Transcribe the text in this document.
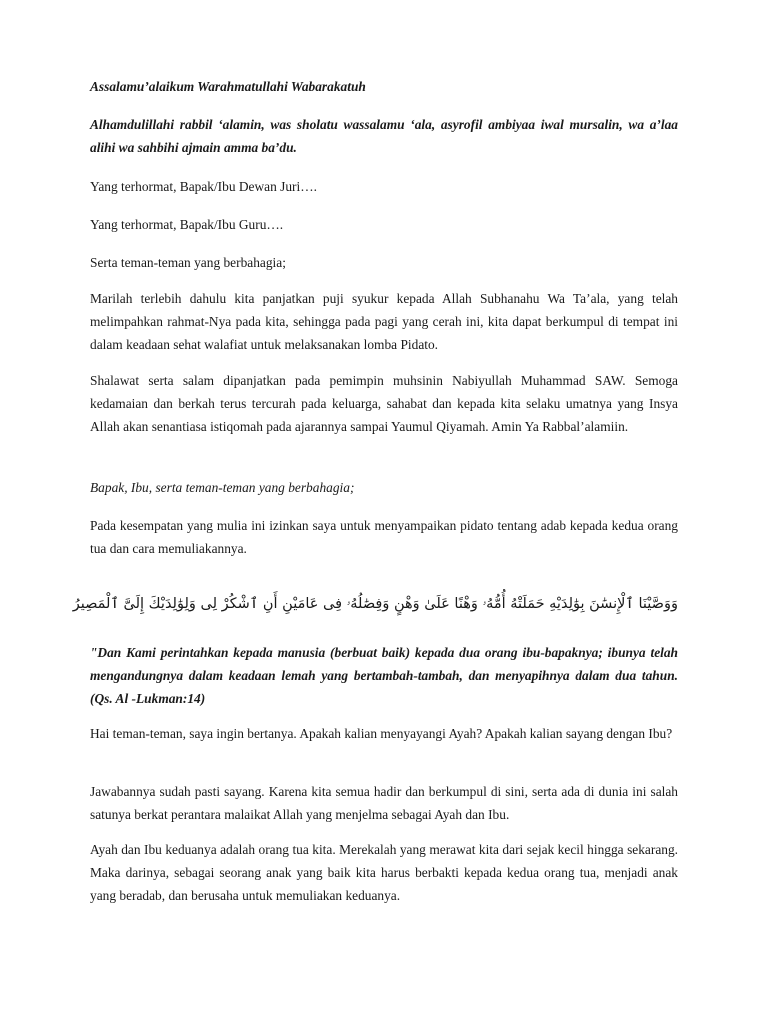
Assalamu’alaikum Warahmatullahi Wabarakatuh

Alhamdulillahi rabbil ‘alamin, was sholatu wassalamu ‘ala, asyrofil ambiyaa iwal mursalin, wa a’laa alihi wa sahbihi ajmain amma ba’du.

Yang terhormat, Bapak/Ibu Dewan Juri….

Yang terhormat, Bapak/Ibu Guru….

Serta teman-teman yang berbahagia;

Marilah terlebih dahulu kita panjatkan puji syukur kepada Allah Subhanahu Wa Ta’ala, yang telah melimpahkan rahmat-Nya pada kita, sehingga pada pagi yang cerah ini, kita dapat berkumpul di tempat ini dalam keadaan sehat walafiat untuk melaksanakan lomba Pidato.

Shalawat serta salam dipanjatkan pada pemimpin muhsinin Nabiyullah Muhammad SAW. Semoga kedamaian dan berkah terus tercurah pada keluarga, sahabat dan kepada kita selaku umatnya yang Insya Allah akan senantiasa istiqomah pada ajarannya sampai Yaumul Qiyamah. Amin Ya Rabbal’alamiin.

Bapak, Ibu, serta teman-teman yang berbahagia;

Pada kesempatan yang mulia ini izinkan saya untuk menyampaikan pidato tentang adab kepada kedua orang tua dan cara memuliakannya.

وَوَصَّيْنَا ٱلْإِنسَٰنَ بِوَٰلِدَيْهِ حَمَلَتْهُ أُمُّهُۥ وَهْنًا عَلَىٰ وَهْنٍ وَفِصَٰلُهُۥ فِى عَامَيْنِ أَنِ ٱشْكُرْ لِى وَلِوَٰلِدَيْكَ إِلَىَّ ٱلْمَصِيرُ

"Dan Kami perintahkan kepada manusia (berbuat baik) kepada dua orang ibu-bapaknya; ibunya telah mengandungnya dalam keadaan lemah yang bertambah-tambah, dan menyapihnya dalam dua tahun. (Qs. Al -Lukman:14)

Hai teman-teman, saya ingin bertanya. Apakah kalian menyayangi Ayah? Apakah kalian sayang dengan Ibu?

Jawabannya sudah pasti sayang. Karena kita semua hadir dan berkumpul di sini, serta ada di dunia ini salah satunya berkat perantara malaikat Allah yang menjelma sebagai Ayah dan Ibu.

Ayah dan Ibu keduanya adalah orang tua kita. Merekalah yang merawat kita dari sejak kecil hingga sekarang. Maka darinya, sebagai seorang anak yang baik kita harus berbakti kepada kedua orang tua, menjadi anak yang beradab, dan berusaha untuk memuliakan keduanya.
